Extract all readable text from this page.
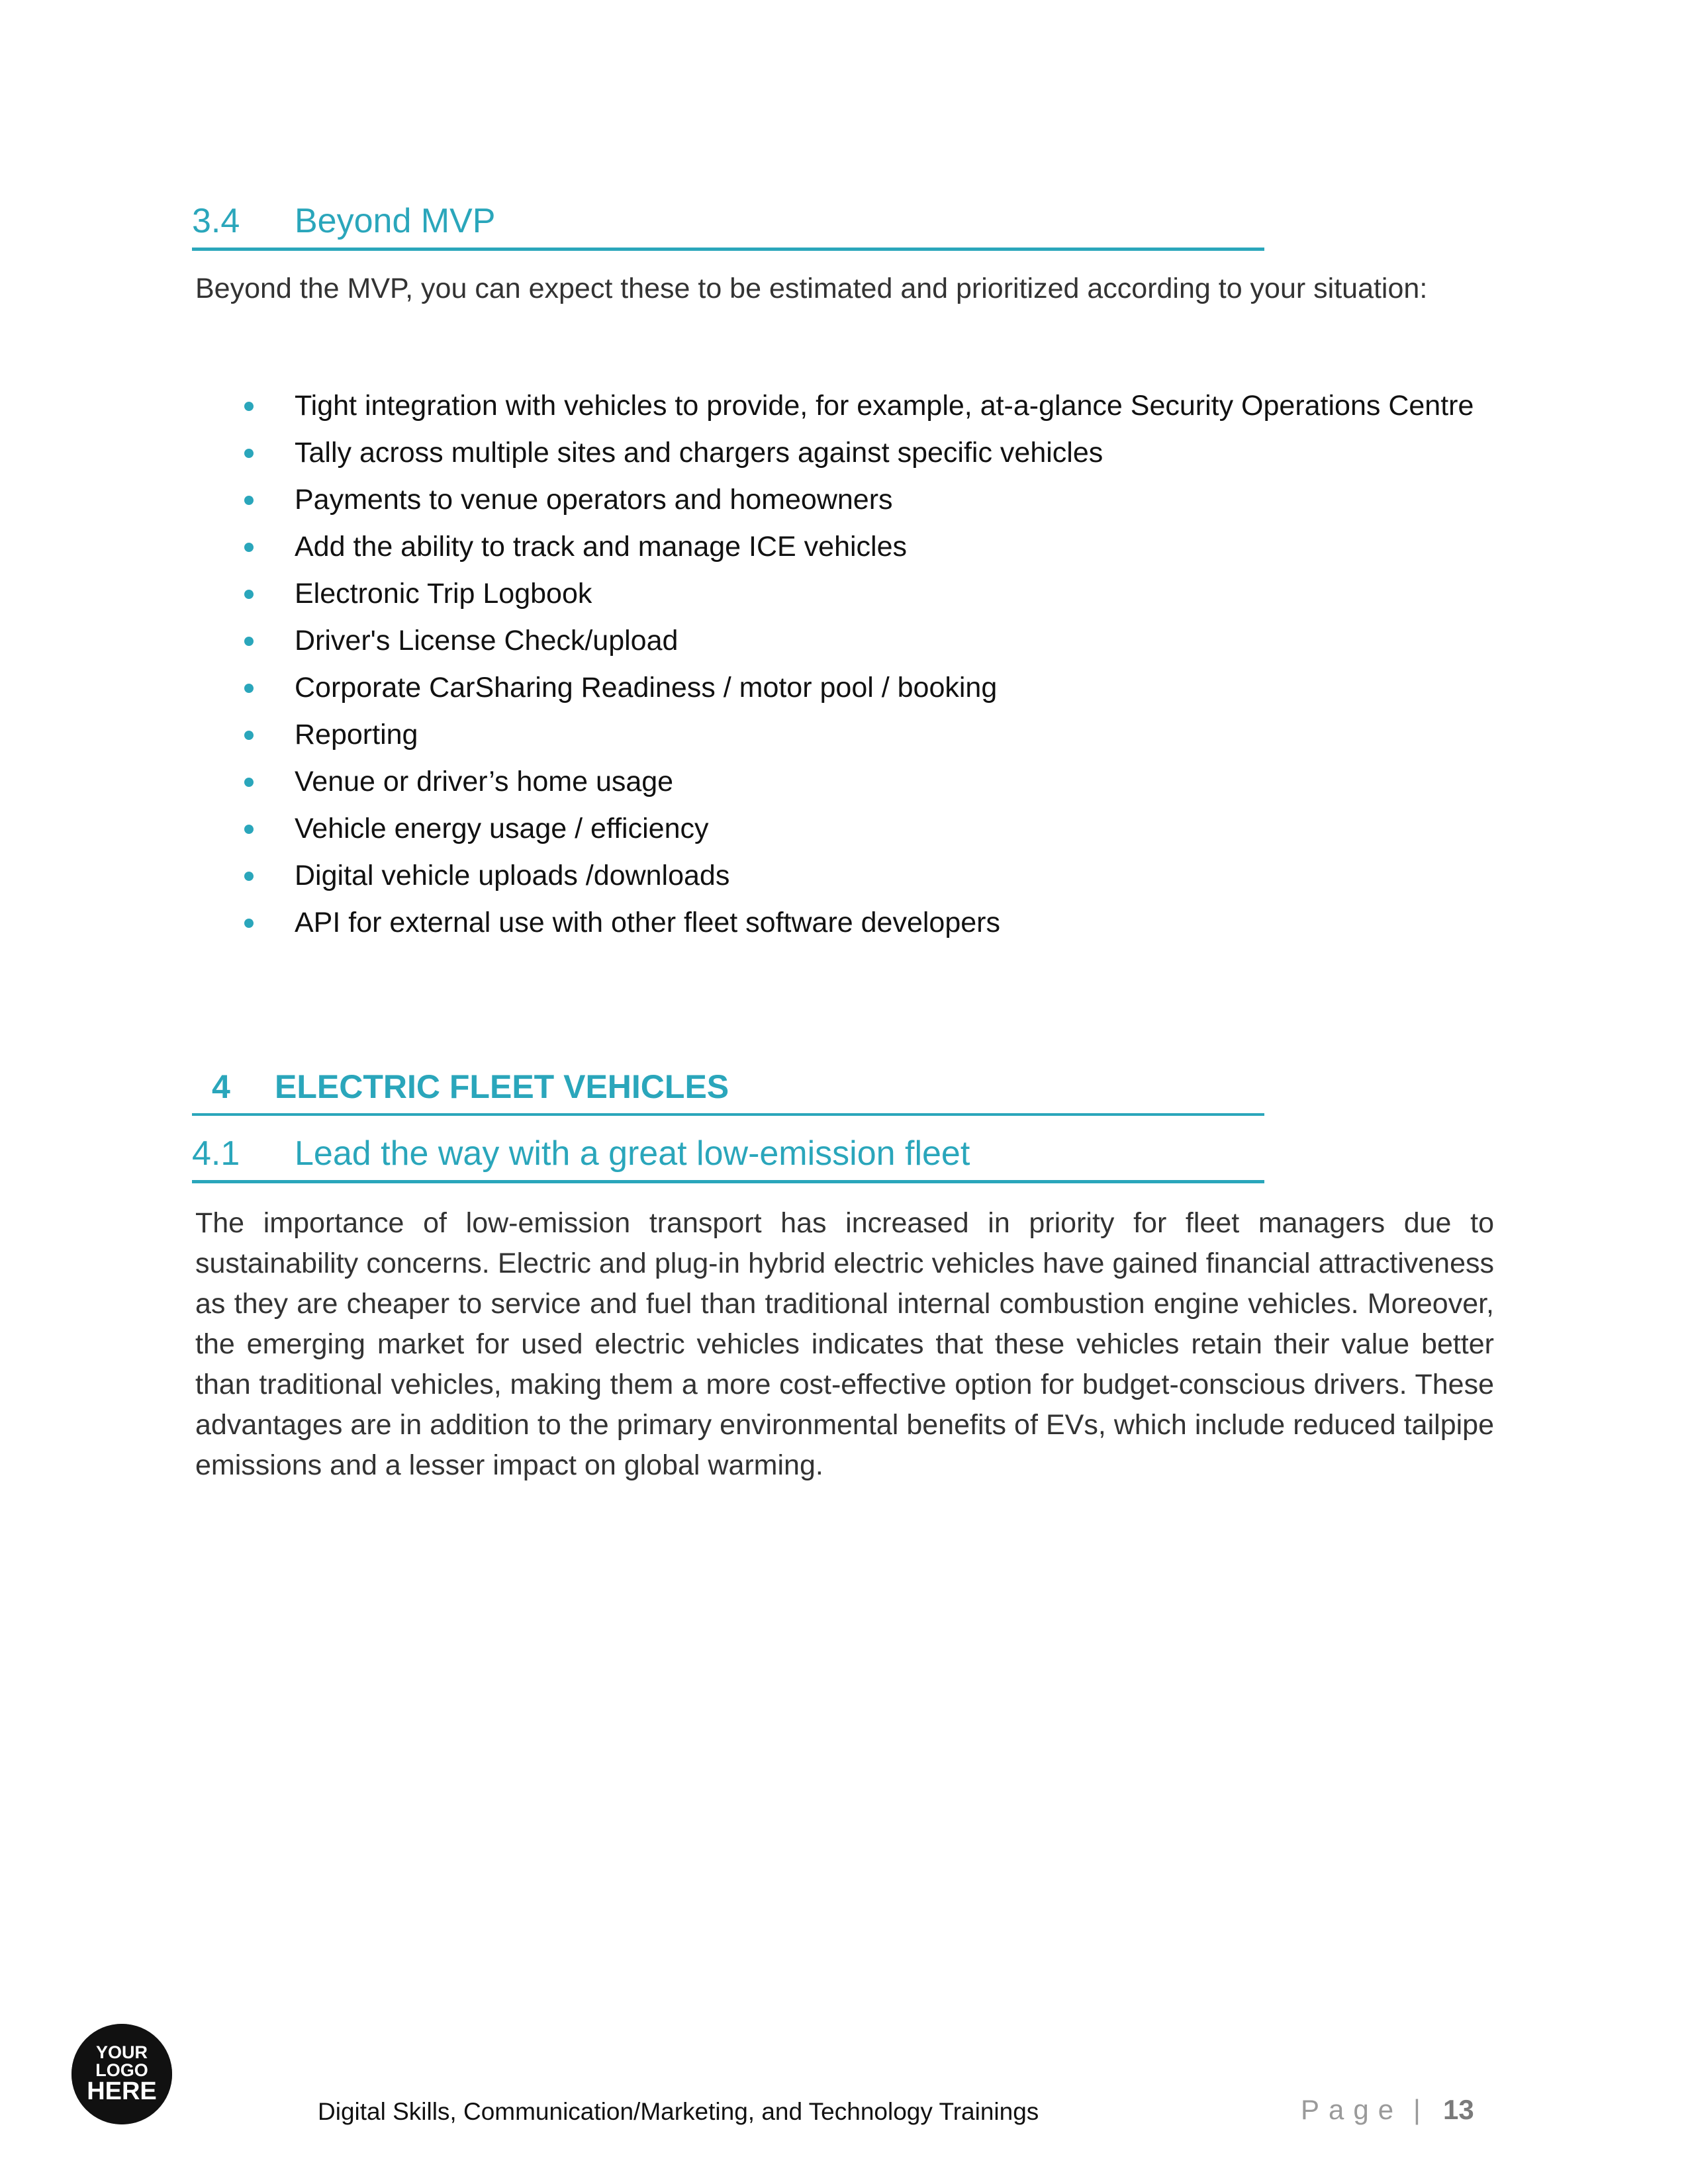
3.4 Beyond MVP
Beyond the MVP, you can expect these to be estimated and prioritized according to your situation:
Tight integration with vehicles to provide, for example, at-a-glance Security Operations Centre
Tally across multiple sites and chargers against specific vehicles
Payments to venue operators and homeowners
Add the ability to track and manage ICE vehicles
Electronic Trip Logbook
Driver's License Check/upload
Corporate CarSharing Readiness / motor pool / booking
Reporting
Venue or driver’s home usage
Vehicle energy usage / efficiency
Digital vehicle uploads /downloads
API for external use with other fleet software developers
4 ELECTRIC FLEET VEHICLES
4.1 Lead the way with a great low-emission fleet
The importance of low-emission transport has increased in priority for fleet managers due to sustainability concerns. Electric and plug-in hybrid electric vehicles have gained financial attractiveness as they are cheaper to service and fuel than traditional internal combustion engine vehicles. Moreover, the emerging market for used electric vehicles indicates that these vehicles retain their value better than traditional vehicles, making them a more cost-effective option for budget-conscious drivers. These advantages are in addition to the primary environmental benefits of EVs, which include reduced tailpipe emissions and a lesser impact on global warming.
YOUR
LOGO
HERE
Digital Skills, Communication/Marketing, and Technology Trainings	Page | 13
